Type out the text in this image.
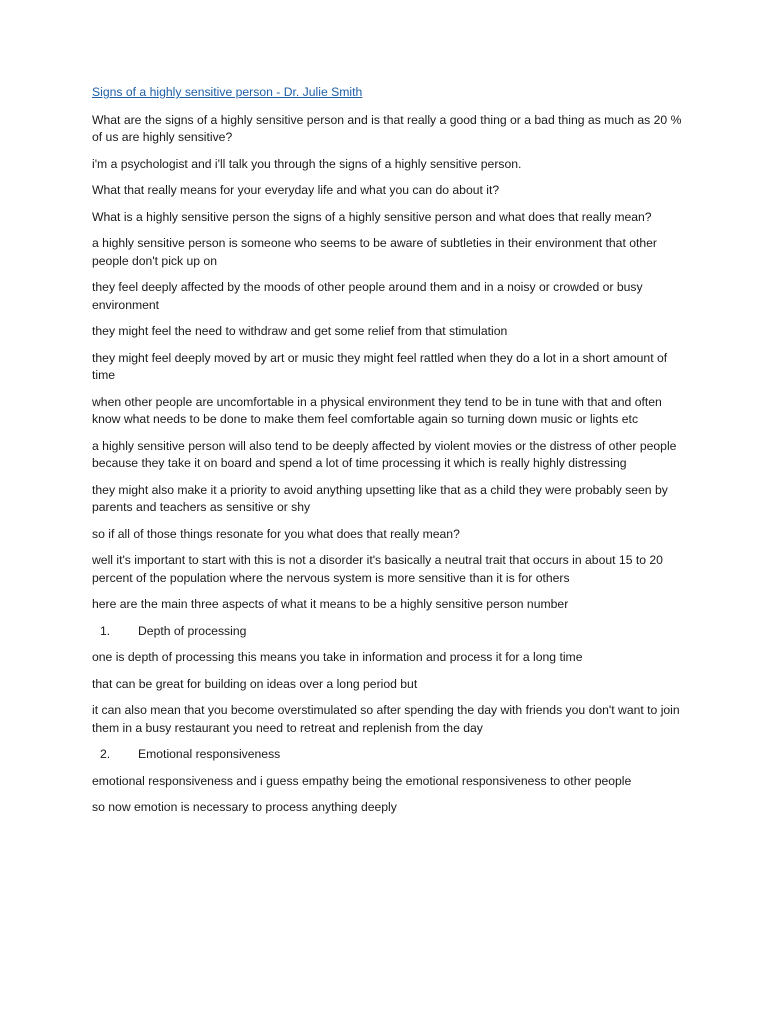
Signs of a highly sensitive person - Dr. Julie Smith

What are the signs of a highly sensitive person and is that really a good thing or a bad thing as much as 20 % of us are highly sensitive?

i'm a psychologist and i'll talk you through the signs of a highly sensitive person.

What that really means for your everyday life and what you can do about it?

What is a highly sensitive person the signs of a highly sensitive person and what does that really mean?

a highly sensitive person is someone who seems to be aware of subtleties in their environment that other people don't pick up on

they feel deeply affected by the moods of other people around them and in a noisy or crowded or busy environment

they might feel the need to withdraw and get some relief from that stimulation

they might feel deeply moved by art or music they might feel rattled when they do a lot in a short amount of time

when other people are uncomfortable in a physical environment they tend to be in tune with that and often know what needs to be done to make them feel comfortable again so turning down music or lights etc

a highly sensitive person will also tend to be deeply affected by violent movies or the distress of other people because they take it on board and spend a lot of time processing it which is really highly distressing

they might also make it a priority to avoid anything upsetting like that as a child they were probably seen by parents and teachers as sensitive or shy

so if all of those things resonate for you what does that really mean?

well it's important to start with this is not a disorder it's basically a neutral trait that occurs in about 15 to 20 percent of the population where the nervous system is more sensitive than it is for others

here are the main three aspects of what it means to be a highly sensitive person number

1.	Depth of processing

one is depth of processing this means you take in information and process it for a long time

that can be great for building on ideas over a long period but

it can also mean that you become overstimulated so after spending the day with friends you don't want to join them in a busy restaurant you need to retreat and replenish from the day

2.	Emotional responsiveness

emotional responsiveness and i guess empathy being the emotional responsiveness to other people

so now emotion is necessary to process anything deeply
